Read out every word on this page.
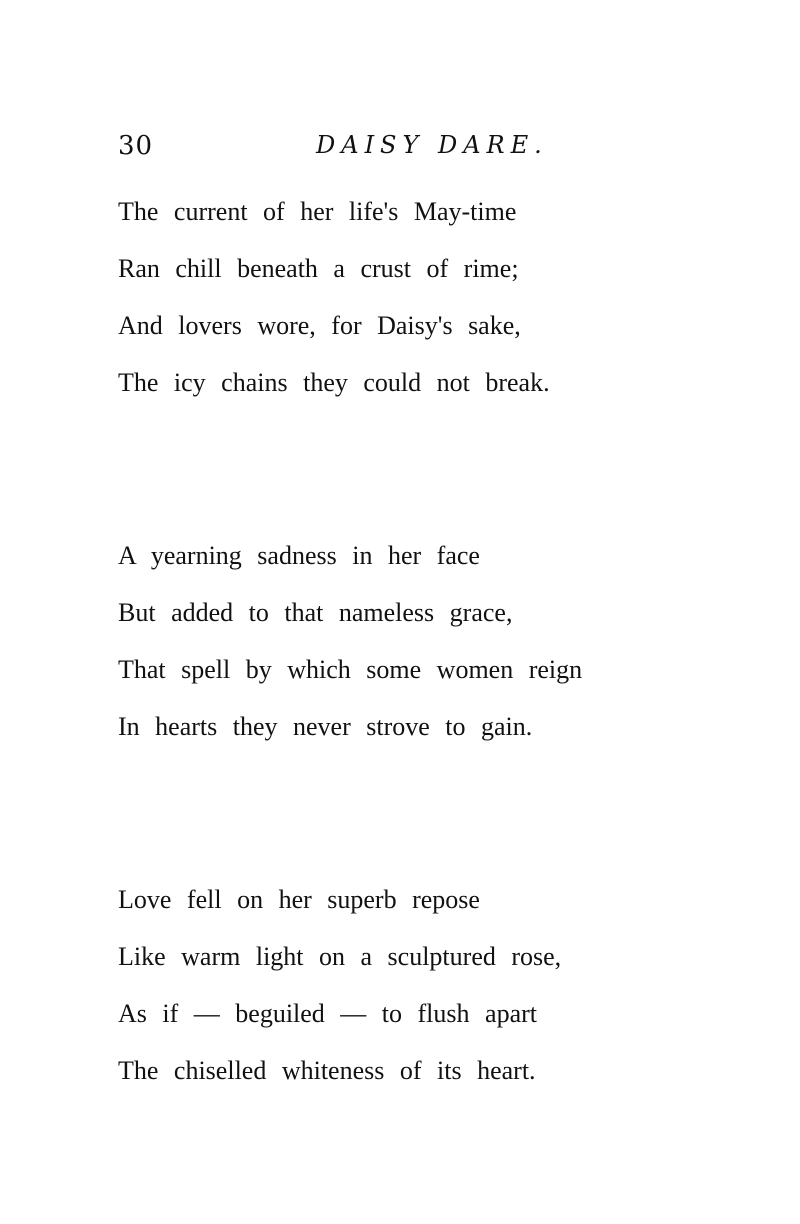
30	DAISY DARE.
The current of her life's May-time
Ran chill beneath a crust of rime;
And lovers wore, for Daisy's sake,
The icy chains they could not break.
A yearning sadness in her face
But added to that nameless grace,
That spell by which some women reign
In hearts they never strove to gain.
Love fell on her superb repose
Like warm light on a sculptured rose,
As if — beguiled — to flush apart
The chiselled whiteness of its heart.
